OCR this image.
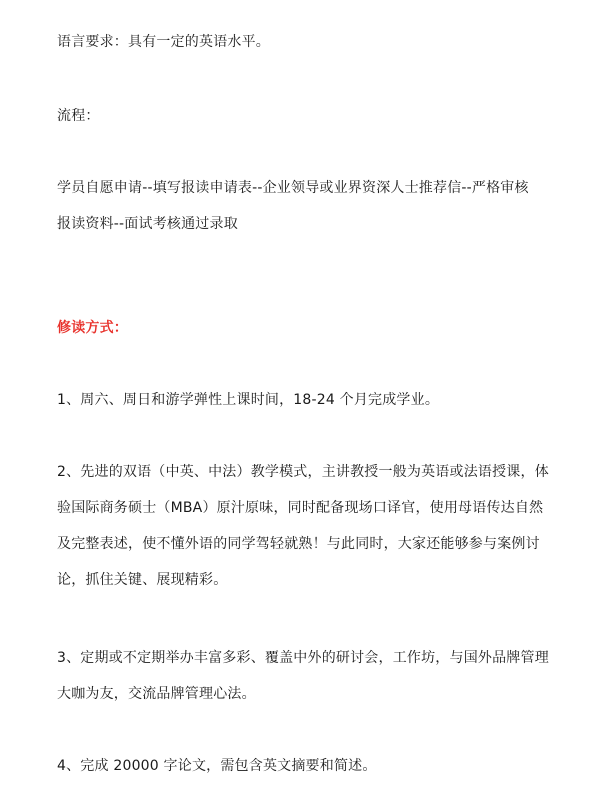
语言要求：具有一定的英语水平。
流程：
学员自愿申请--填写报读申请表--企业领导或业界资深人士推荐信--严格审核
报读资料--面试考核通过录取
修读方式：
1、周六、周日和游学弹性上课时间，18-24 个月完成学业。
2、先进的双语（中英、中法）教学模式，主讲教授一般为英语或法语授课，体
验国际商务硕士（MBA）原汁原味，同时配备现场口译官，使用母语传达自然
及完整表述，使不懂外语的同学驾轻就熟！与此同时，大家还能够参与案例讨
论，抓住关键、展现精彩。
3、定期或不定期举办丰富多彩、覆盖中外的研讨会，工作坊，与国外品牌管理
大咖为友，交流品牌管理心法。
4、完成 20000 字论文，需包含英文摘要和简述。
